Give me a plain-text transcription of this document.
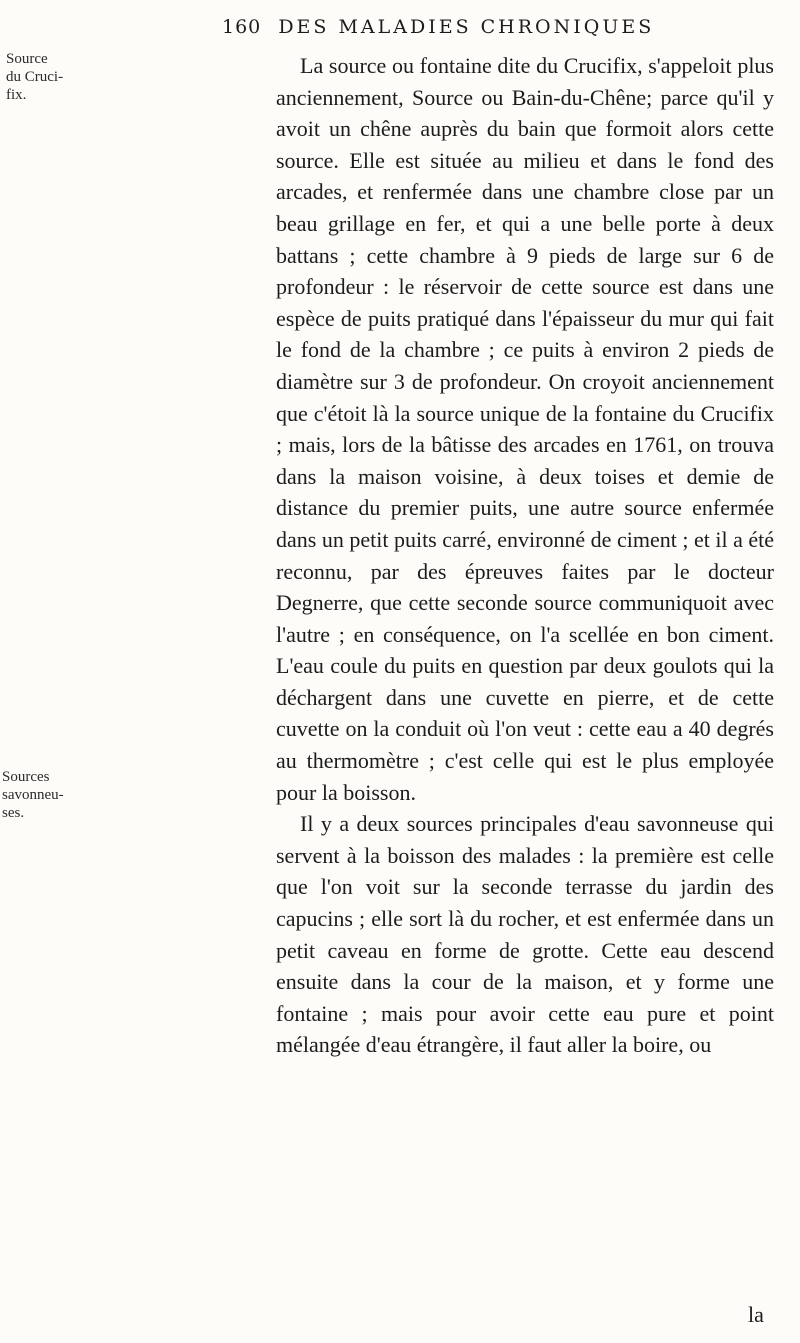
160 DES MALADIES CHRONIQUES
Source
du Cruci-
fix.
Sources
savonneu-
ses.

La source ou fontaine dite du Crucifix, s'appeloit plus anciennement, Source ou Bain-du-Chêne; parce qu'il y avoit un chêne auprès du bain que formoit alors cette source. Elle est située au milieu et dans le fond des arcades, et renfermée dans une chambre close par un beau grillage en fer, et qui a une belle porte à deux battans ; cette chambre à 9 pieds de large sur 6 de profondeur : le réservoir de cette source est dans une espèce de puits pratiqué dans l'épaisseur du mur qui fait le fond de la chambre ; ce puits à environ 2 pieds de diamètre sur 3 de profondeur. On croyoit anciennement que c'étoit là la source unique de la fontaine du Crucifix ; mais, lors de la bâtisse des arcades en 1761, on trouva dans la maison voisine, à deux toises et demie de distance du premier puits, une autre source enfermée dans un petit puits carré, environné de ciment ; et il a été reconnu, par des épreuves faites par le docteur Degnerre, que cette seconde source communiquoit avec l'autre ; en conséquence, on l'a scellée en bon ciment. L'eau coule du puits en question par deux goulots qui la déchargent dans une cuvette en pierre, et de cette cuvette on la conduit où l'on veut : cette eau a 40 degrés au thermomètre ; c'est celle qui est le plus employée pour la boisson.

Il y a deux sources principales d'eau savonneuse qui servent à la boisson des malades : la première est celle que l'on voit sur la seconde terrasse du jardin des capucins ; elle sort là du rocher, et est enfermée dans un petit caveau en forme de grotte. Cette eau descend ensuite dans la cour de la maison, et y forme une fontaine ; mais pour avoir cette eau pure et point mélangée d'eau étrangère, il faut aller la boire, ou

la
